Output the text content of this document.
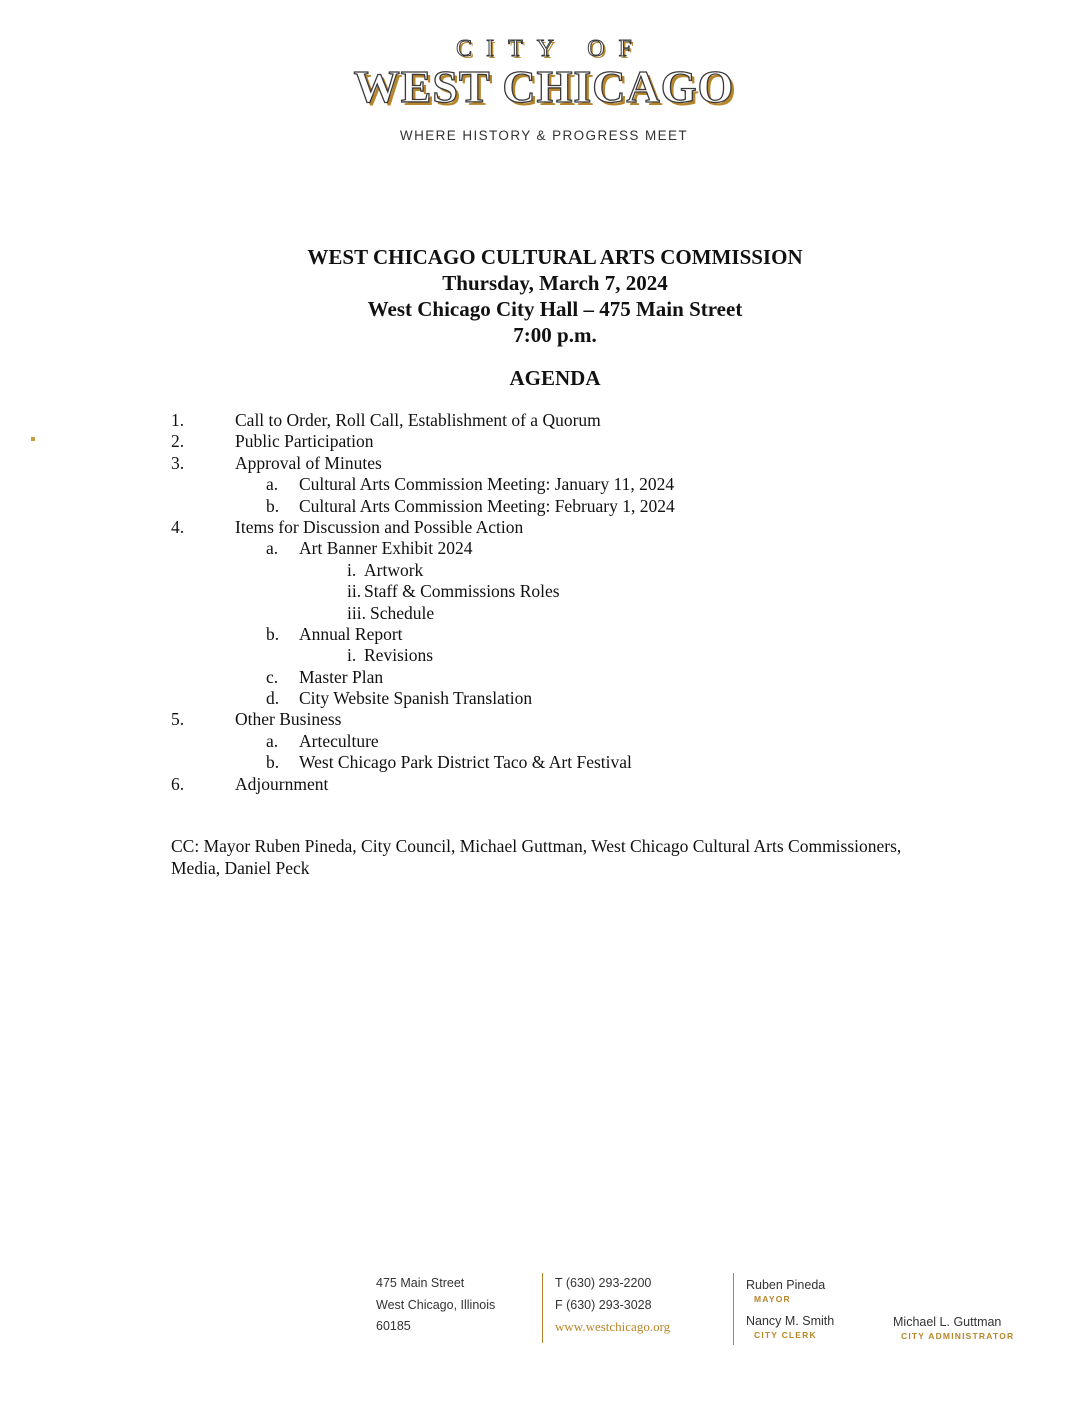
CITY OF
WEST CHICAGO
WHERE HISTORY & PROGRESS MEET
WEST CHICAGO CULTURAL ARTS COMMISSION
Thursday, March 7, 2024
West Chicago City Hall – 475 Main Street
7:00 p.m.
AGENDA
1.	Call to Order, Roll Call, Establishment of a Quorum
2.	Public Participation
3.	Approval of Minutes
a. Cultural Arts Commission Meeting: January 11, 2024
b. Cultural Arts Commission Meeting: February 1, 2024
4.	Items for Discussion and Possible Action
a. Art Banner Exhibit 2024
i. Artwork
ii. Staff & Commissions Roles
iii. Schedule
b. Annual Report
i. Revisions
c. Master Plan
d. City Website Spanish Translation
5.	Other Business
a. Arteculture
b. West Chicago Park District Taco & Art Festival
6.	Adjournment
CC: Mayor Ruben Pineda, City Council, Michael Guttman, West Chicago Cultural Arts Commissioners, Media, Daniel Peck
475 Main Street
West Chicago, Illinois
60185
T (630) 293-2200
F (630) 293-3028
www.westchicago.org
Ruben Pineda
MAYOR
Nancy M. Smith
CITY CLERK
Michael L. Guttman
CITY ADMINISTRATOR
